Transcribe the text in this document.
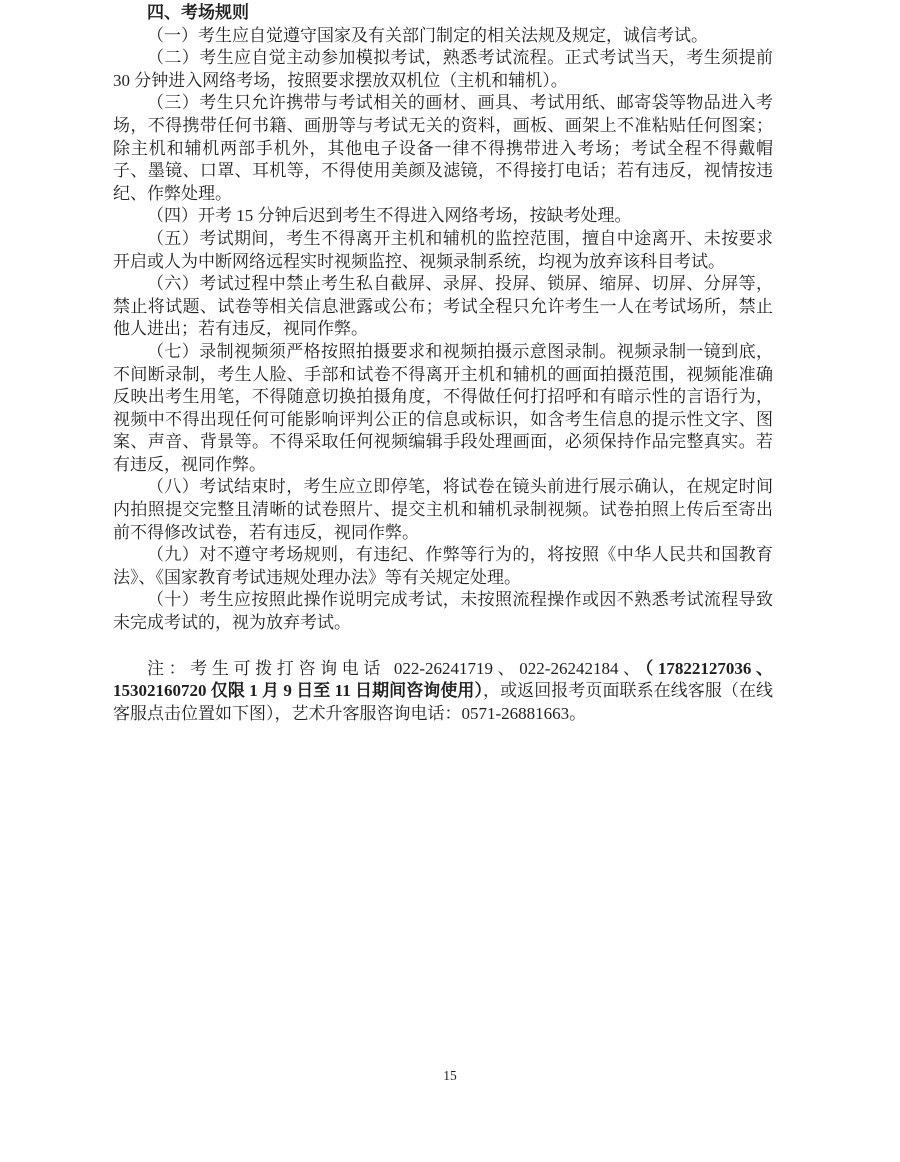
四、考场规则

（一）考生应自觉遵守国家及有关部门制定的相关法规及规定，诚信考试。

（二）考生应自觉主动参加模拟考试，熟悉考试流程。正式考试当天，考生须提前 30 分钟进入网络考场，按照要求摆放双机位（主机和辅机）。

（三）考生只允许携带与考试相关的画材、画具、考试用纸、邮寄袋等物品进入考场，不得携带任何书籍、画册等与考试无关的资料，画板、画架上不准粘贴任何图案；除主机和辅机两部手机外，其他电子设备一律不得携带进入考场；考试全程不得戴帽子、墨镜、口罩、耳机等，不得使用美颜及滤镜，不得接打电话；若有违反，视情按违纪、作弊处理。

（四）开考 15 分钟后迟到考生不得进入网络考场，按缺考处理。

（五）考试期间，考生不得离开主机和辅机的监控范围，擅自中途离开、未按要求开启或人为中断网络远程实时视频监控、视频录制系统，均视为放弃该科目考试。

（六）考试过程中禁止考生私自截屏、录屏、投屏、锁屏、缩屏、切屏、分屏等，禁止将试题、试卷等相关信息泄露或公布；考试全程只允许考生一人在考试场所，禁止他人进出；若有违反，视同作弊。

（七）录制视频须严格按照拍摄要求和视频拍摄示意图录制。视频录制一镜到底，不间断录制，考生人脸、手部和试卷不得离开主机和辅机的画面拍摄范围，视频能准确反映出考生用笔，不得随意切换拍摄角度，不得做任何打招呼和有暗示性的言语行为，视频中不得出现任何可能影响评判公正的信息或标识，如含考生信息的提示性文字、图案、声音、背景等。不得采取任何视频编辑手段处理画面，必须保持作品完整真实。若有违反，视同作弊。

（八）考试结束时，考生应立即停笔，将试卷在镜头前进行展示确认，在规定时间内拍照提交完整且清晰的试卷照片、提交主机和辅机录制视频。试卷拍照上传后至寄出前不得修改试卷，若有违反，视同作弊。

（九）对不遵守考场规则，有违纪、作弊等行为的，将按照《中华人民共和国教育法》、《国家教育考试违规处理办法》等有关规定处理。

（十）考生应按照此操作说明完成考试，未按照流程操作或因不熟悉考试流程导致未完成考试的，视为放弃考试。

注：考生可拨打咨询电话 022-26241719、022-26242184、（17822127036、15302160720 仅限 1 月 9 日至 11 日期间咨询使用），或返回报考页面联系在线客服（在线客服点击位置如下图），艺术升客服咨询电话：0571-26881663。

15
